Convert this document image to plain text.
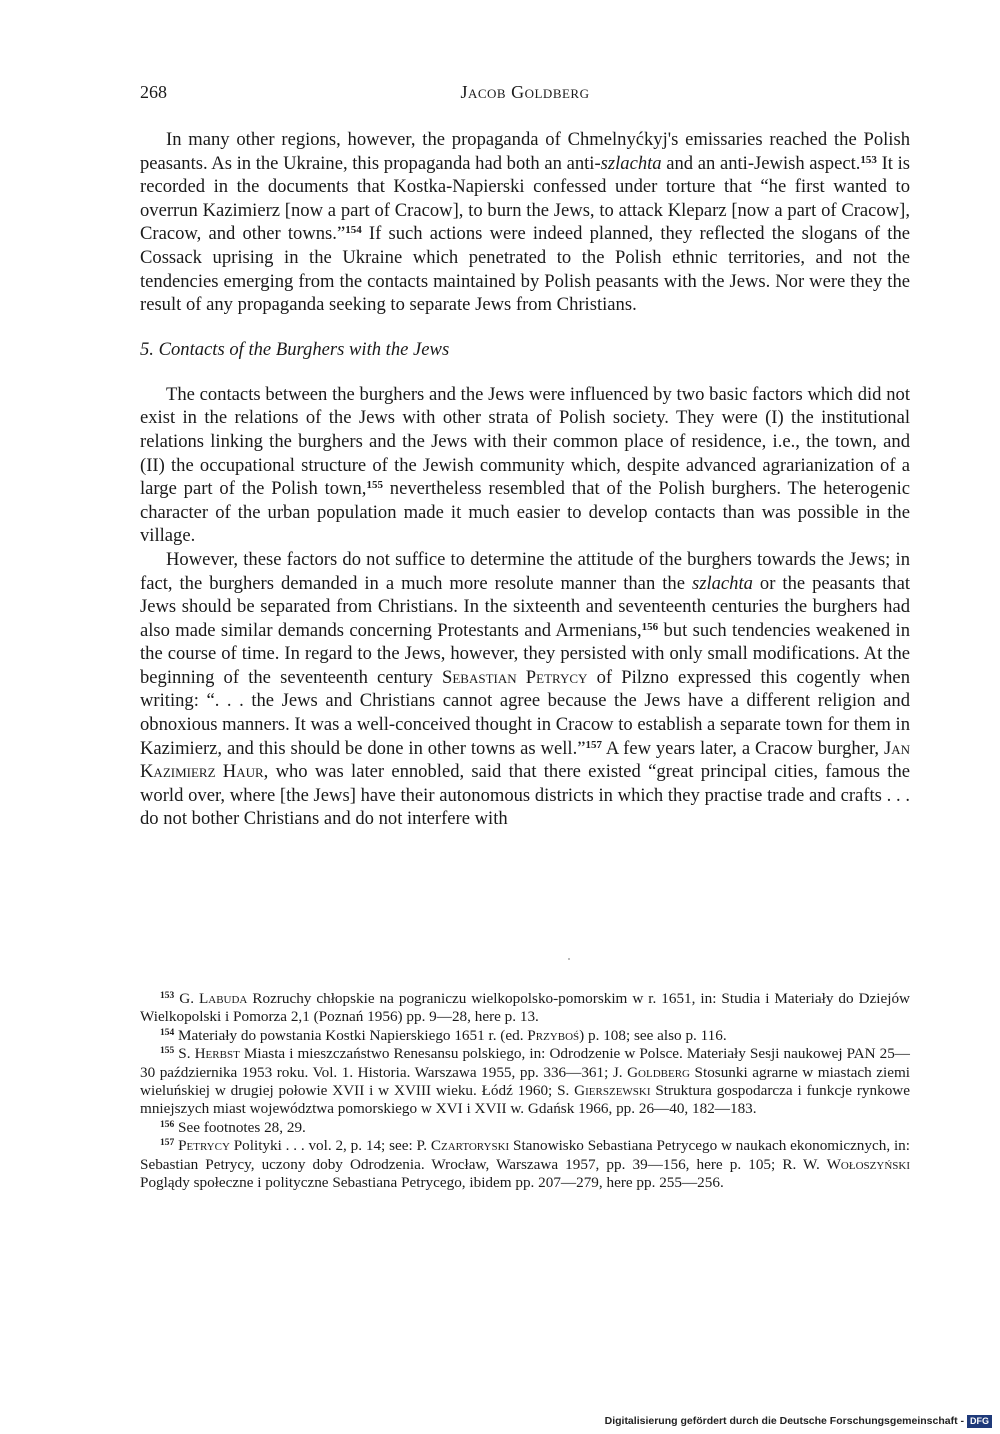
268	Jacob Goldberg

In many other regions, however, the propaganda of Chmelnyćkyj's emissaries reached the Polish peasants. As in the Ukraine, this propaganda had both an anti-szlachta and an anti-Jewish aspect.$^{153}$ It is recorded in the documents that Kostka-Napierski confessed under torture that “he first wanted to overrun Kazimierz [now a part of Cracow], to burn the Jews, to attack Kleparz [now a part of Cracow], Cracow, and other towns.”$^{154}$ If such actions were indeed planned, they reflected the slogans of the Cossack uprising in the Ukraine which penetrated to the Polish ethnic territories, and not the tendencies emerging from the contacts maintained by Polish peasants with the Jews. Nor were they the result of any propaganda seeking to separate Jews from Christians.

5. Contacts of the Burghers with the Jews

The contacts between the burghers and the Jews were influenced by two basic factors which did not exist in the relations of the Jews with other strata of Polish society. They were (I) the institutional relations linking the burghers and the Jews with their common place of residence, i.e., the town, and (II) the occupational structure of the Jewish community which, despite advanced agrarianization of a large part of the Polish town,$^{155}$ nevertheless resembled that of the Polish burghers. The heterogenic character of the urban population made it much easier to develop contacts than was possible in the village.

However, these factors do not suffice to determine the attitude of the burghers towards the Jews; in fact, the burghers demanded in a much more resolute manner than the szlachta or the peasants that Jews should be separated from Christians. In the sixteenth and seventeenth centuries the burghers had also made similar demands concerning Protestants and Armenians,$^{156}$ but such tendencies weakened in the course of time. In regard to the Jews, however, they persisted with only small modifications. At the beginning of the seventeenth century Sebastian Petrycy of Pilzno expressed this cogently when writing: “. . . the Jews and Christians cannot agree because the Jews have a different religion and obnoxious manners. It was a well-conceived thought in Cracow to establish a separate town for them in Kazimierz, and this should be done in other towns as well.”$^{157}$ A few years later, a Cracow burgher, Jan Kazimierz Haur, who was later ennobled, said that there existed “great principal cities, famous the world over, where [the Jews] have their autonomous districts in which they practise trade and crafts . . . do not bother Christians and do not interfere with

$^{153}$ G. Labuda Rozruchy chłopskie na pograniczu wielkopolsko-pomorskim w r. 1651, in: Studia i Materiały do Dziejów Wielkopolski i Pomorza 2,1 (Poznań 1956) pp. 9—28, here p. 13.

$^{154}$ Materiały do powstania Kostki Napierskiego 1651 r. (ed. Przyboś) p. 108; see also p. 116.

$^{155}$ S. Herbst Miasta i mieszczaństwo Renesansu polskiego, in: Odrodzenie w Polsce. Materiały Sesji naukowej PAN 25—30 października 1953 roku. Vol. 1. Historia. Warszawa 1955, pp. 336—361; J. Goldberg Stosunki agrarne w miastach ziemi wieluńskiej w drugiej połowie XVII i w XVIII wieku. Łódź 1960; S. Gierszewski Struktura gospodarcza i funkcje rynkowe mniejszych miast województwa pomorskiego w XVI i XVII w. Gdańsk 1966, pp. 26—40, 182—183.

$^{156}$ See footnotes 28, 29.

$^{157}$ Petrycy Polityki . . . vol. 2, p. 14; see: P. Czartoryski Stanowisko Sebastiana Petrycego w naukach ekonomicznych, in: Sebastian Petrycy, uczony doby Odrodzenia. Wrocław, Warszawa 1957, pp. 39—156, here p. 105; R. W. Wołoszyński Poglądy społeczne i polityczne Sebastiana Petrycego, ibidem pp. 207—279, here pp. 255—256.

Digitalisierung gefördert durch die Deutsche Forschungsgemeinschaft - DFG
